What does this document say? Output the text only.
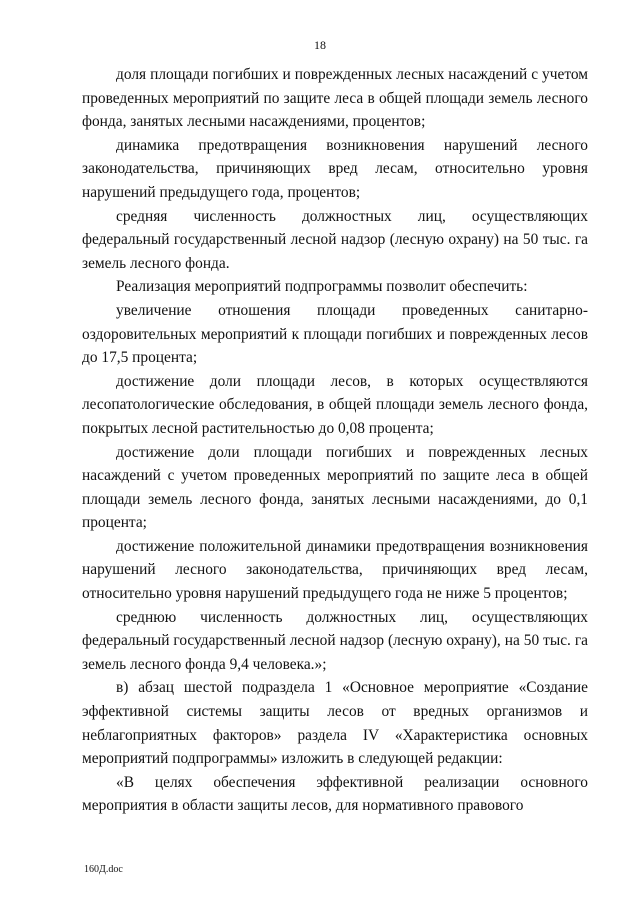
18

доля площади погибших и поврежденных лесных насаждений с учетом проведенных мероприятий по защите леса в общей площади земель лесного фонда, занятых лесными насаждениями, процентов;

динамика предотвращения возникновения нарушений лесного законодательства, причиняющих вред лесам, относительно уровня нарушений предыдущего года, процентов;

средняя численность должностных лиц, осуществляющих федеральный государственный лесной надзор (лесную охрану) на 50 тыс. га земель лесного фонда.

Реализация мероприятий подпрограммы позволит обеспечить:

увеличение отношения площади проведенных санитарно-оздоровительных мероприятий к площади погибших и поврежденных лесов до 17,5 процента;

достижение доли площади лесов, в которых осуществляются лесопатологические обследования, в общей площади земель лесного фонда, покрытых лесной растительностью до 0,08 процента;

достижение доли площади погибших и поврежденных лесных насаждений с учетом проведенных мероприятий по защите леса в общей площади земель лесного фонда, занятых лесными насаждениями, до 0,1 процента;

достижение положительной динамики предотвращения возникновения нарушений лесного законодательства, причиняющих вред лесам, относительно уровня нарушений предыдущего года не ниже 5 процентов;

среднюю численность должностных лиц, осуществляющих федеральный государственный лесной надзор (лесную охрану), на 50 тыс. га земель лесного фонда 9,4 человека.»;

в) абзац шестой подраздела 1 «Основное мероприятие «Создание эффективной системы защиты лесов от вредных организмов и неблагоприятных факторов» раздела IV «Характеристика основных мероприятий подпрограммы» изложить в следующей редакции:

«В целях обеспечения эффективной реализации основного мероприятия в области защиты лесов, для нормативного правового

160Д.doc
